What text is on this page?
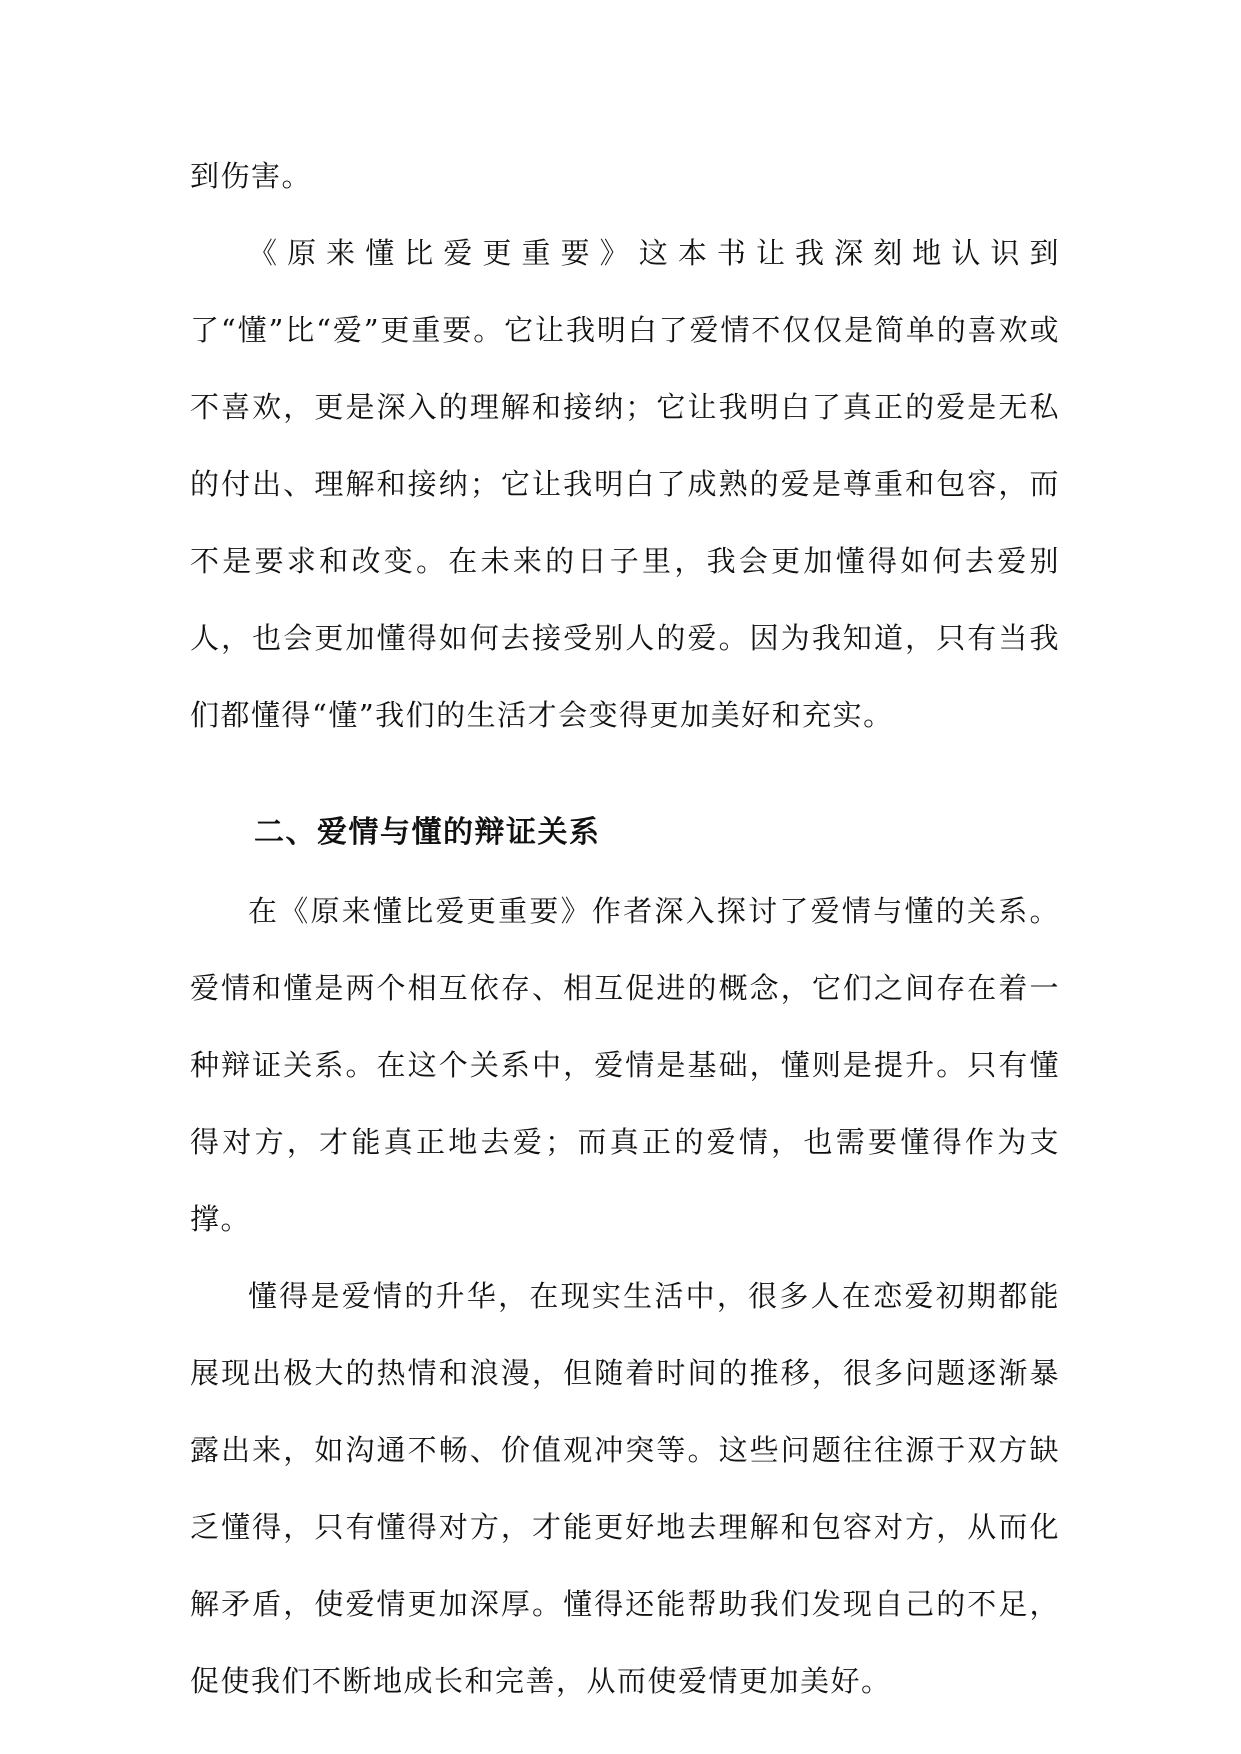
到伤害。

《原来懂比爱更重要》这本书让我深刻地认识到了“懂”比“爱”更重要。它让我明白了爱情不仅仅是简单的喜欢或不喜欢，更是深入的理解和接纳；它让我明白了真正的爱是无私的付出、理解和接纳；它让我明白了成熟的爱是尊重和包容，而不是要求和改变。在未来的日子里，我会更加懂得如何去爱别人，也会更加懂得如何去接受别人的爱。因为我知道，只有当我们都懂得“懂”我们的生活才会变得更加美好和充实。

二、爱情与懂的辩证关系

在《原来懂比爱更重要》作者深入探讨了爱情与懂的关系。爱情和懂是两个相互依存、相互促进的概念，它们之间存在着一种辩证关系。在这个关系中，爱情是基础，懂则是提升。只有懂得对方，才能真正地去爱；而真正的爱情，也需要懂得作为支撑。

懂得是爱情的升华，在现实生活中，很多人在恋爱初期都能展现出极大的热情和浪漫，但随着时间的推移，很多问题逐渐暴露出来，如沟通不畅、价值观冲突等。这些问题往往源于双方缺乏懂得，只有懂得对方，才能更好地去理解和包容对方，从而化解矛盾，使爱情更加深厚。懂得还能帮助我们发现自己的不足，促使我们不断地成长和完善，从而使爱情更加美好。
